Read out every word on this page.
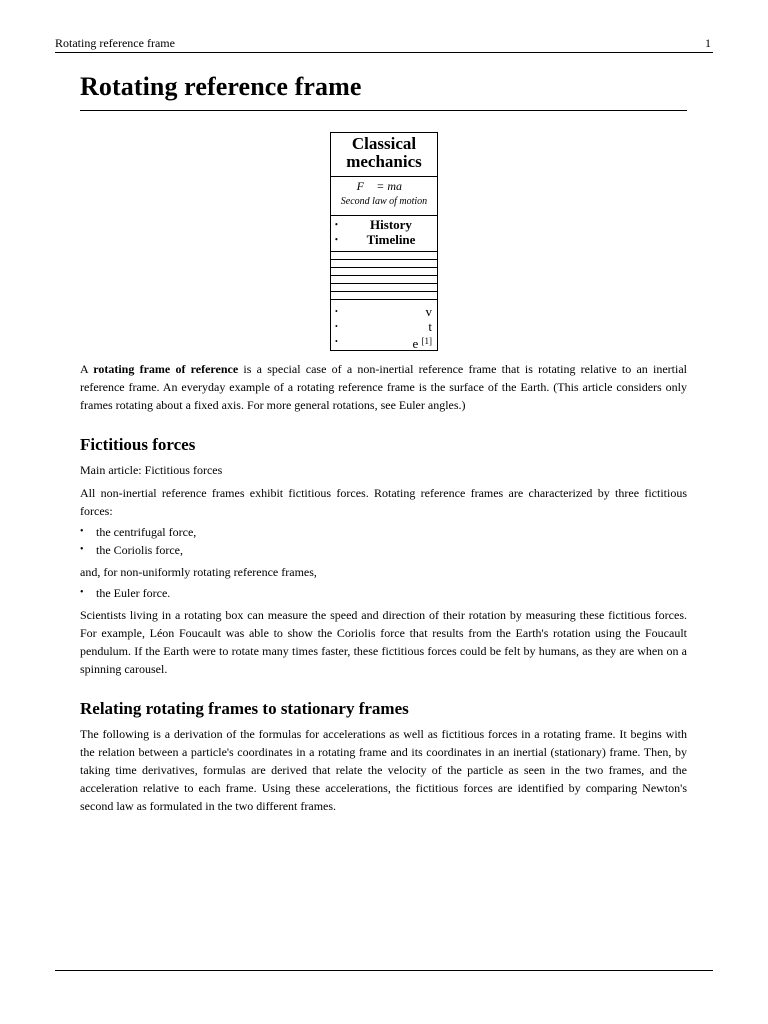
Rotating reference frame	1
Rotating reference frame
Classical
mechanics
F⃗ = ma⃗
Second law of motion
•	History
•	Timeline
•	v
•	t
•	e [1]

A rotating frame of reference is a special case of a non-inertial reference frame that is rotating relative to an inertial reference frame. An everyday example of a rotating reference frame is the surface of the Earth. (This article considers only frames rotating about a fixed axis. For more general rotations, see Euler angles.)

Fictitious forces

Main article: Fictitious forces

All non-inertial reference frames exhibit fictitious forces. Rotating reference frames are characterized by three fictitious forces:

• the centrifugal force,
• the Coriolis force,

and, for non-uniformly rotating reference frames,

• the Euler force.

Scientists living in a rotating box can measure the speed and direction of their rotation by measuring these fictitious forces. For example, Léon Foucault was able to show the Coriolis force that results from the Earth's rotation using the Foucault pendulum. If the Earth were to rotate many times faster, these fictitious forces could be felt by humans, as they are when on a spinning carousel.

Relating rotating frames to stationary frames

The following is a derivation of the formulas for accelerations as well as fictitious forces in a rotating frame. It begins with the relation between a particle's coordinates in a rotating frame and its coordinates in an inertial (stationary) frame. Then, by taking time derivatives, formulas are derived that relate the velocity of the particle as seen in the two frames, and the acceleration relative to each frame. Using these accelerations, the fictitious forces are identified by comparing Newton's second law as formulated in the two different frames.
